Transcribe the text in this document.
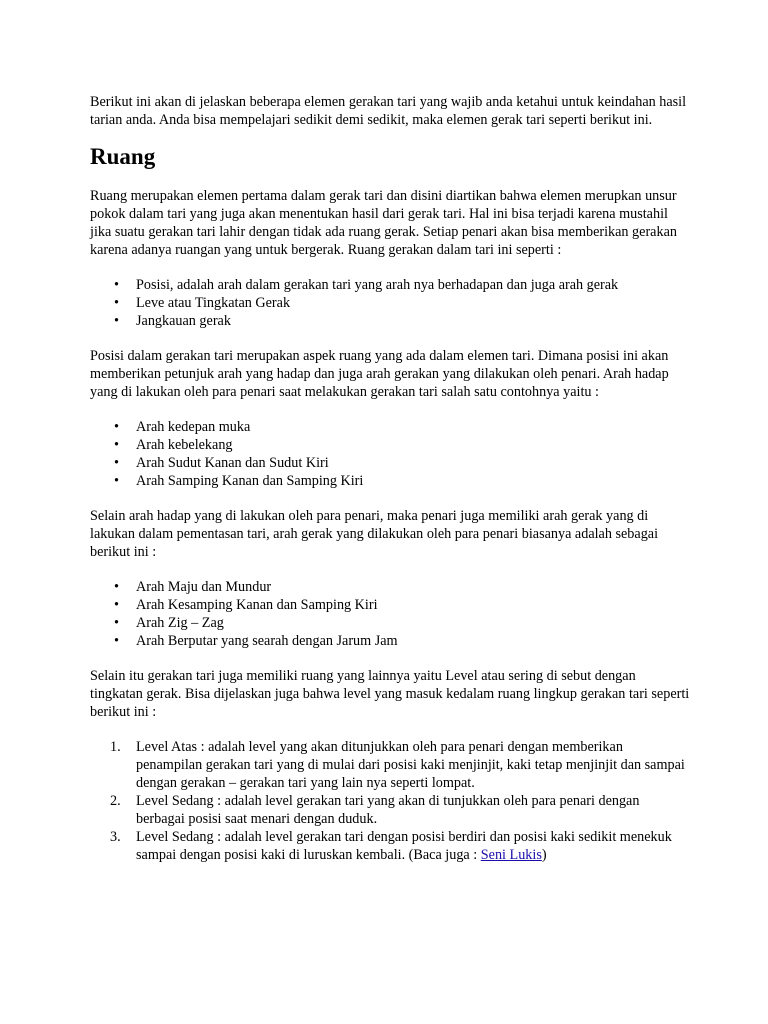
Berikut ini akan di jelaskan beberapa elemen gerakan tari yang wajib anda ketahui untuk keindahan hasil tarian anda. Anda bisa mempelajari sedikit demi sedikit, maka elemen gerak tari seperti berikut ini.

Ruang

Ruang merupakan elemen pertama dalam gerak tari dan disini diartikan bahwa elemen merupkan unsur pokok dalam tari yang juga akan menentukan hasil dari gerak tari. Hal ini bisa terjadi karena mustahil jika suatu gerakan tari lahir dengan tidak ada ruang gerak. Setiap penari akan bisa memberikan gerakan karena adanya ruangan yang untuk bergerak. Ruang gerakan dalam tari ini seperti :

• Posisi, adalah arah dalam gerakan tari yang arah nya berhadapan dan juga arah gerak
• Leve atau Tingkatan Gerak
• Jangkauan gerak

Posisi dalam gerakan tari merupakan aspek ruang yang ada dalam elemen tari. Dimana posisi ini akan memberikan petunjuk arah yang hadap dan juga arah gerakan yang dilakukan oleh penari. Arah hadap yang di lakukan oleh para penari saat melakukan gerakan tari salah satu contohnya yaitu :

• Arah kedepan muka
• Arah kebelekang
• Arah Sudut Kanan dan Sudut Kiri
• Arah Samping Kanan dan Samping Kiri

Selain arah hadap yang di lakukan oleh para penari, maka penari juga memiliki arah gerak yang di lakukan dalam pementasan tari, arah gerak yang dilakukan oleh para penari biasanya adalah sebagai berikut ini :

• Arah Maju dan Mundur
• Arah Kesamping Kanan dan Samping Kiri
• Arah Zig – Zag
• Arah Berputar yang searah dengan Jarum Jam

Selain itu gerakan tari juga memiliki ruang yang lainnya yaitu Level atau sering di sebut dengan tingkatan gerak. Bisa dijelaskan juga bahwa level yang masuk kedalam ruang lingkup gerakan tari seperti berikut ini :

1. Level Atas : adalah level yang akan ditunjukkan oleh para penari dengan memberikan penampilan gerakan tari yang di mulai dari posisi kaki menjinjit, kaki tetap menjinjit dan sampai dengan gerakan – gerakan tari yang lain nya seperti lompat.
2. Level Sedang : adalah level gerakan tari yang akan di tunjukkan oleh para penari dengan berbagai posisi saat menari dengan duduk.
3. Level Sedang : adalah level gerakan tari dengan posisi berdiri dan posisi kaki sedikit menekuk sampai dengan posisi kaki di luruskan kembali. (Baca juga : Seni Lukis)
